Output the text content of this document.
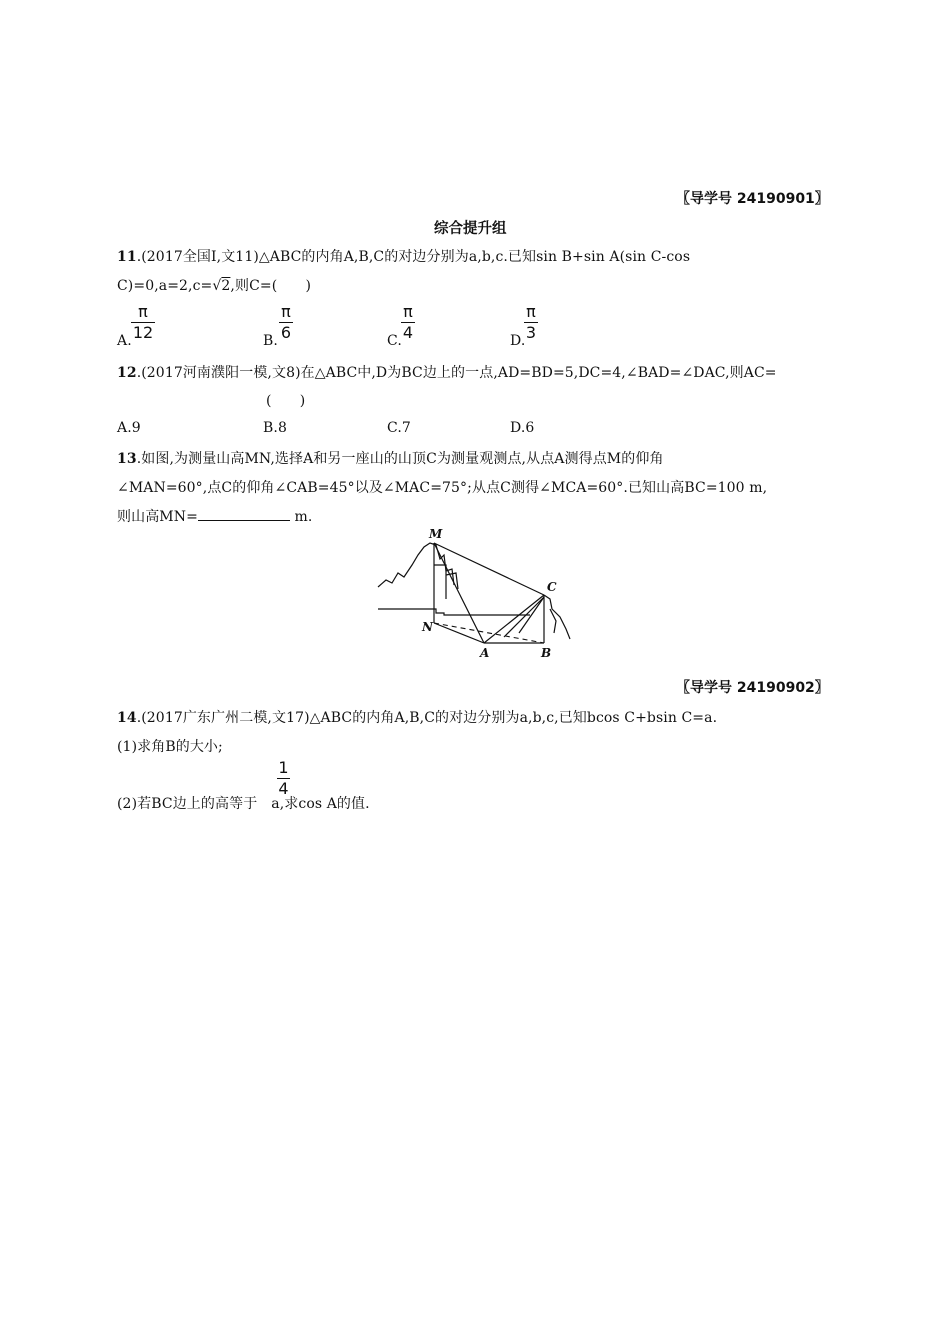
〖导学号 24190901〗
综合提升组
11.(2017全国Ⅰ,文11)△ABC的内角A,B,C的对边分别为a,b,c.已知sin B+sin A(sin C-cos
C)=0,a=2,c=√2,则C=(　　)
A.
π
12	B.
π
6	C.
π
4	D.
π
3
12.(2017河南濮阳一模,文8)在△ABC中,D为BC边上的一点,AD=BD=5,DC=4,∠BAD=∠DAC,则AC=
(　　)
A.9	B.8	C.7	D.6
13.如图,为测量山高MN,选择A和另一座山的山顶C为测量观测点,从点A测得点M的仰角
∠MAN=60°,点C的仰角∠CAB=45°以及∠MAC=75°;从点C测得∠MCA=60°.已知山高BC=100 m,
则山高MN=	m.
M
N
A	B
C
〖导学号 24190902〗
14.(2017广东广州二模,文17)△ABC的内角A,B,C的对边分别为a,b,c,已知bcos C+bsin C=a.
(1)求角B的大小;
(2)若BC边上的高等于 a,求cos A的值.
1
4
